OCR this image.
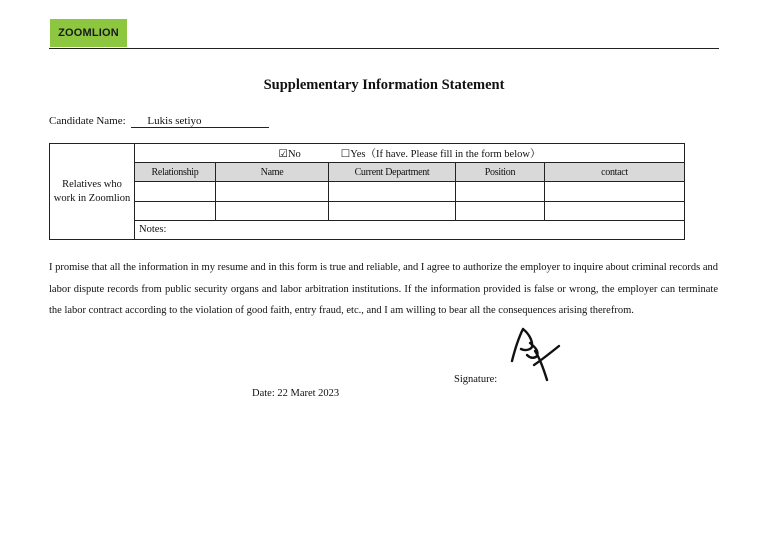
ZOOMLION
Supplementary Information Statement
Candidate Name: Lukis setiyo
Relatives who
work in Zoomlion	☑No ☐Yes（If have. Please fill in the form below）				
	Relationship	Name	Current Department	Position	contact

	Notes:				
I promise that all the information in my resume and in this form is true and reliable, and I agree to authorize the employer to inquire about criminal records and labor dispute records from public security organs and labor arbitration institutions. If the information provided is false or wrong, the employer can terminate the labor contract according to the violation of good faith, entry fraud, etc., and I am willing to bear all the consequences arising therefrom.
Signature:
Date: 22 Maret 2023
